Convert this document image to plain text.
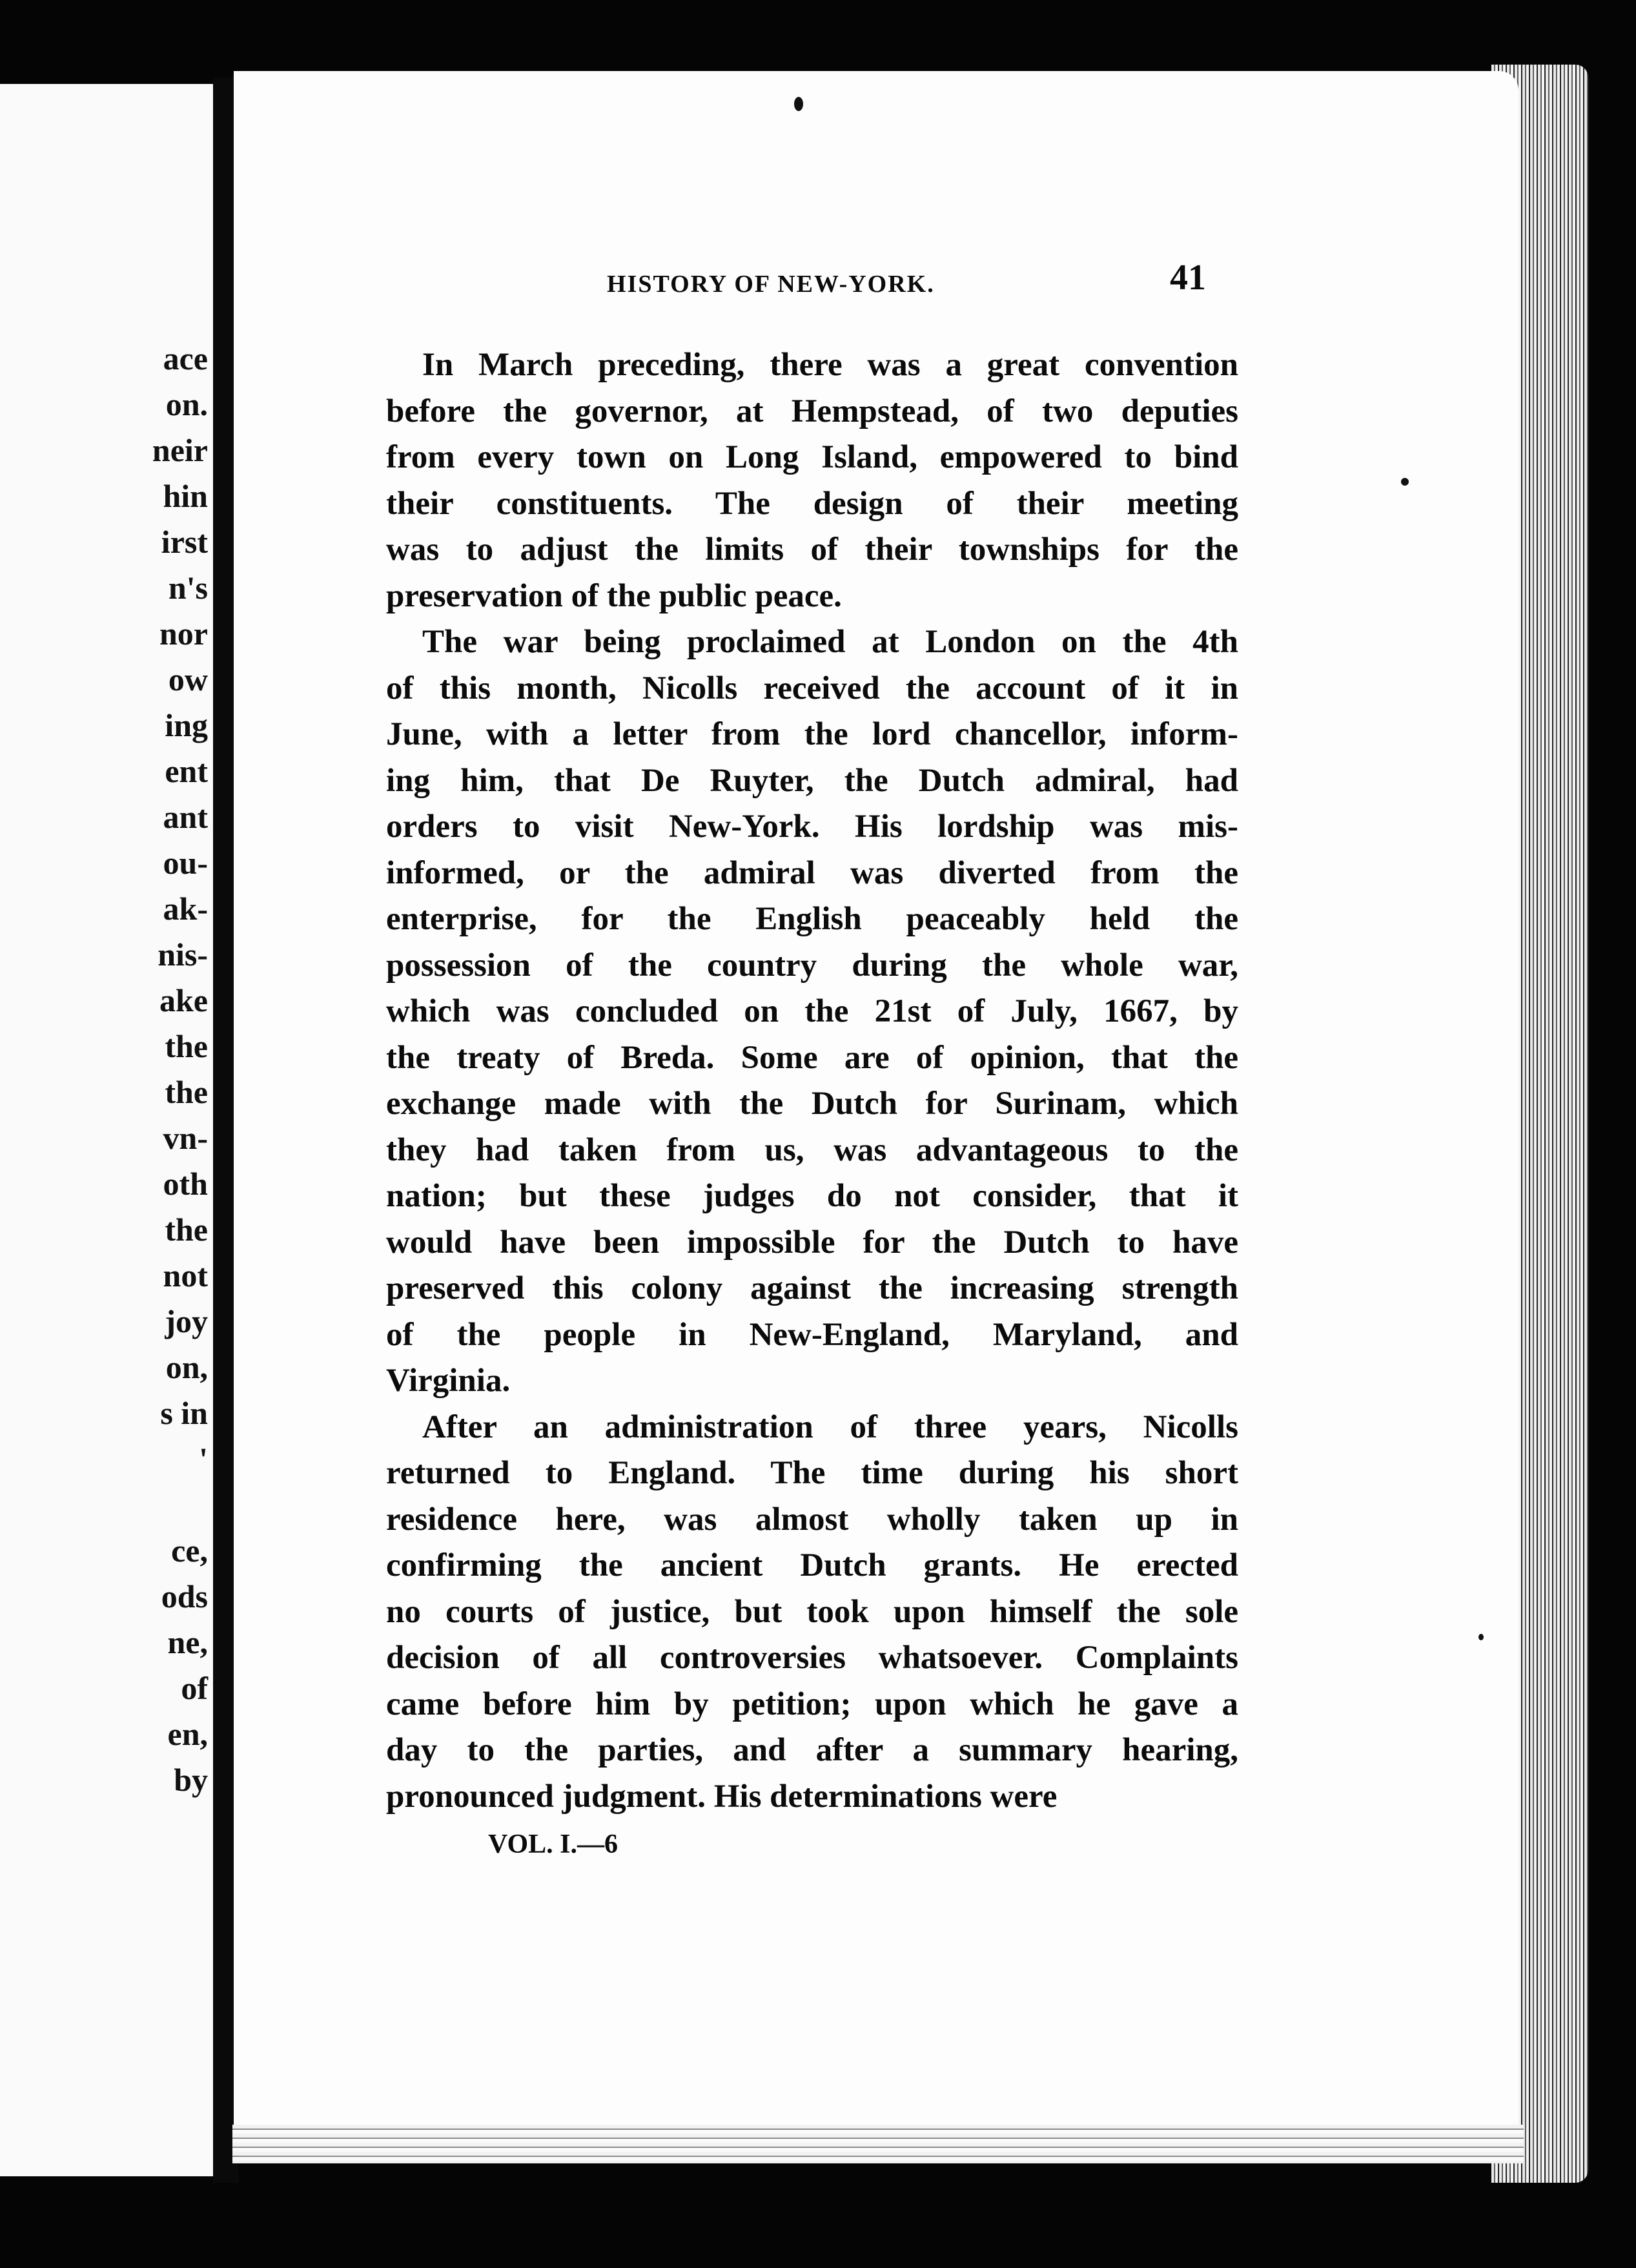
ace
on.
neir
hin
irst
n's
nor
ow
ing
ent
ant
ou-
ak-
nis-
ake
the
the
vn-
oth
the
not
joy
on,
s in
'
ce,
ods
ne,
of
en,
by
HISTORY OF NEW-YORK.	41
In March preceding, there was a great convention
before the governor, at Hempstead, of two deputies
from every town on Long Island, empowered to bind
their constituents. The design of their meeting
was to adjust the limits of their townships for the
preservation of the public peace.
The war being proclaimed at London on the 4th
of this month, Nicolls received the account of it in
June, with a letter from the lord chancellor, inform-
ing him, that De Ruyter, the Dutch admiral, had
orders to visit New-York. His lordship was mis-
informed, or the admiral was diverted from the
enterprise, for the English peaceably held the
possession of the country during the whole war,
which was concluded on the 21st of July, 1667, by
the treaty of Breda. Some are of opinion, that the
exchange made with the Dutch for Surinam, which
they had taken from us, was advantageous to the
nation; but these judges do not consider, that it
would have been impossible for the Dutch to have
preserved this colony against the increasing strength
of the people in New-England, Maryland, and
Virginia.
After an administration of three years, Nicolls
returned to England. The time during his short
residence here, was almost wholly taken up in
confirming the ancient Dutch grants. He erected
no courts of justice, but took upon himself the sole
decision of all controversies whatsoever. Complaints
came before him by petition; upon which he gave a
day to the parties, and after a summary hearing,
pronounced judgment. His determinations were
VOL. I.—6
